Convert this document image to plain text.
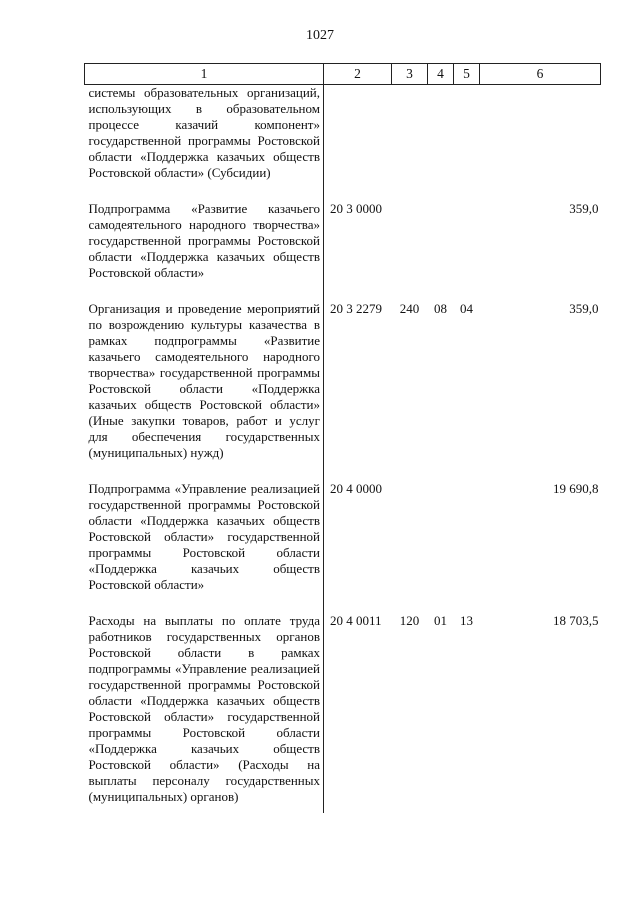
1027
1	2	3	4	5	6
системы образовательных организаций, использующих в образовательном процессе казачий компонент» государственной программы Ростовской области «Поддержка казачьих обществ Ростовской области» (Субсидии)					
Подпрограмма «Развитие казачьего самодеятельного народного творчества» государственной программы Ростовской области «Поддержка казачьих обществ Ростовской области»	20 3 0000				359,0
Организация и проведение мероприятий по возрождению культуры казачества в рамках подпрограммы «Развитие казачьего самодеятельного народного творчества» государственной программы Ростовской области «Поддержка казачьих обществ Ростовской области» (Иные закупки товаров, работ и услуг для обеспечения государственных (муниципальных) нужд)	20 3 2279	240	08	04	359,0
Подпрограмма «Управление реализацией государственной программы Ростовской области «Поддержка казачьих обществ Ростовской области» государственной программы Ростовской области «Поддержка казачьих обществ Ростовской области»	20 4 0000				19 690,8
Расходы на выплаты по оплате труда работников государственных органов Ростовской области в рамках подпрограммы «Управление реализацией государственной программы Ростовской области «Поддержка казачьих обществ Ростовской области» государственной программы Ростовской области «Поддержка казачьих обществ Ростовской области» (Расходы на выплаты персоналу государственных (муниципальных) органов)	20 4 0011	120	01	13	18 703,5
